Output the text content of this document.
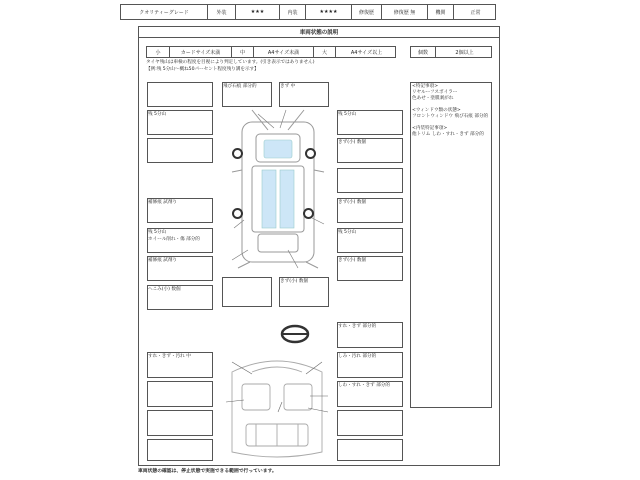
クオリティーグレード	外装	★★★	内装	★★★★	修復歴	修復歴 無	機関	正常
車両状態の説明
小	カードサイズ未満	中	A4サイズ未満	大	A4サイズ以上	個数	2個以上
タイヤ残山は車検の程度を目視により判定しています。(引き表示ではありません)
【例:残 5分山〜概ね50パーセント程度残り溝を示す】
<特記事項>
リヤルーフスポイラー
色あせ・塗膜剥がれ
<ウィンドウ類の状態>
フロントウィンドウ 飛び石痕 部分的
<内装特記事項>
他トリム しわ・すれ・きず 部分的
残 5分山
補修痕 試剤り
残 5分山
ホイール削れ・傷 部分的
補修痕 試剤り
へこみ(小) 数個
飛び石痕 部分的	きず 中
残 5分山
きず(小) 数個
きず(小) 数個
残 5分山
きず(小) 数個
きず(小) 数個
すれ・きず 部分的
すれ・きず・汚れ 中	しみ・汚れ 部分的
しわ・すれ・きず 部分的
車両状態の確認は、停止状態で実施できる範囲で行っています。
